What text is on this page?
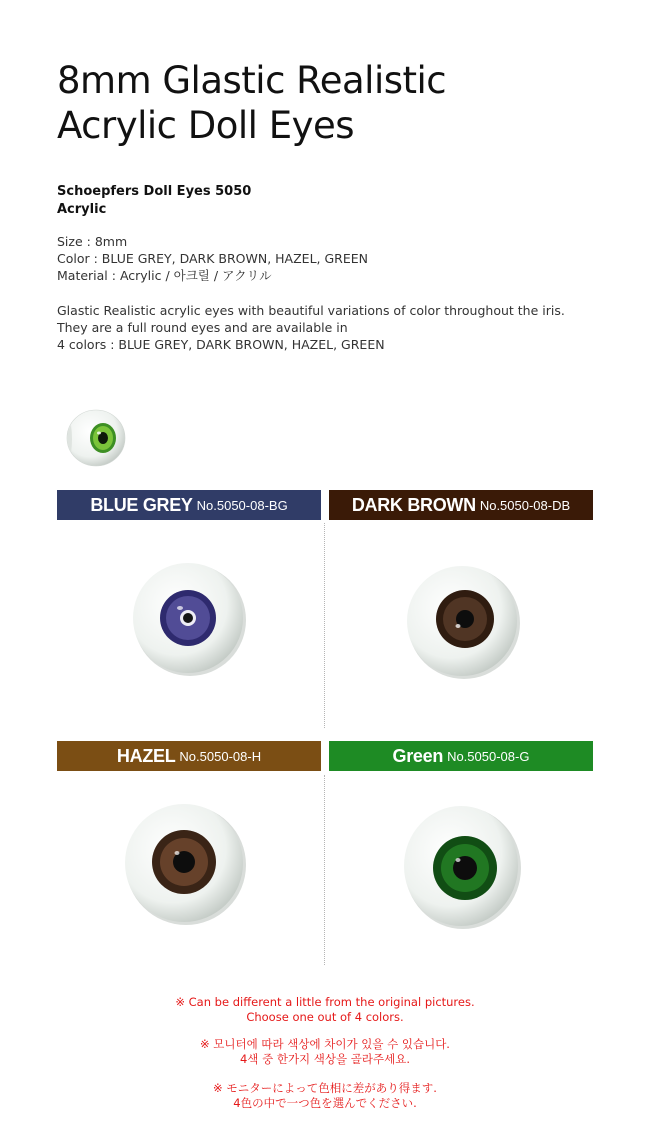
8mm Glastic Realistic
Acrylic Doll Eyes
Schoepfers Doll Eyes 5050
Acrylic
Size : 8mm
Color : BLUE GREY, DARK BROWN, HAZEL, GREEN
Material : Acrylic / 아크릴 / アクリル
Glastic Realistic acrylic eyes with beautiful variations of color throughout the iris.
They are a full round eyes and are available in
4 colors : BLUE GREY, DARK BROWN, HAZEL, GREEN
BLUE GREY No.5050-08-BG	DARK BROWN No.5050-08-DB
HAZEL No.5050-08-H	Green No.5050-08-G
※ Can be different a little from the original pictures.
Choose one out of 4 colors.
※ 모니터에 따라 색상에 차이가 있을 수 있습니다.
4색 중 한가지 색상을 골라주세요.
※ モニターによって色相に差があり得ます.
4色の中で一つ色を選んでください.
